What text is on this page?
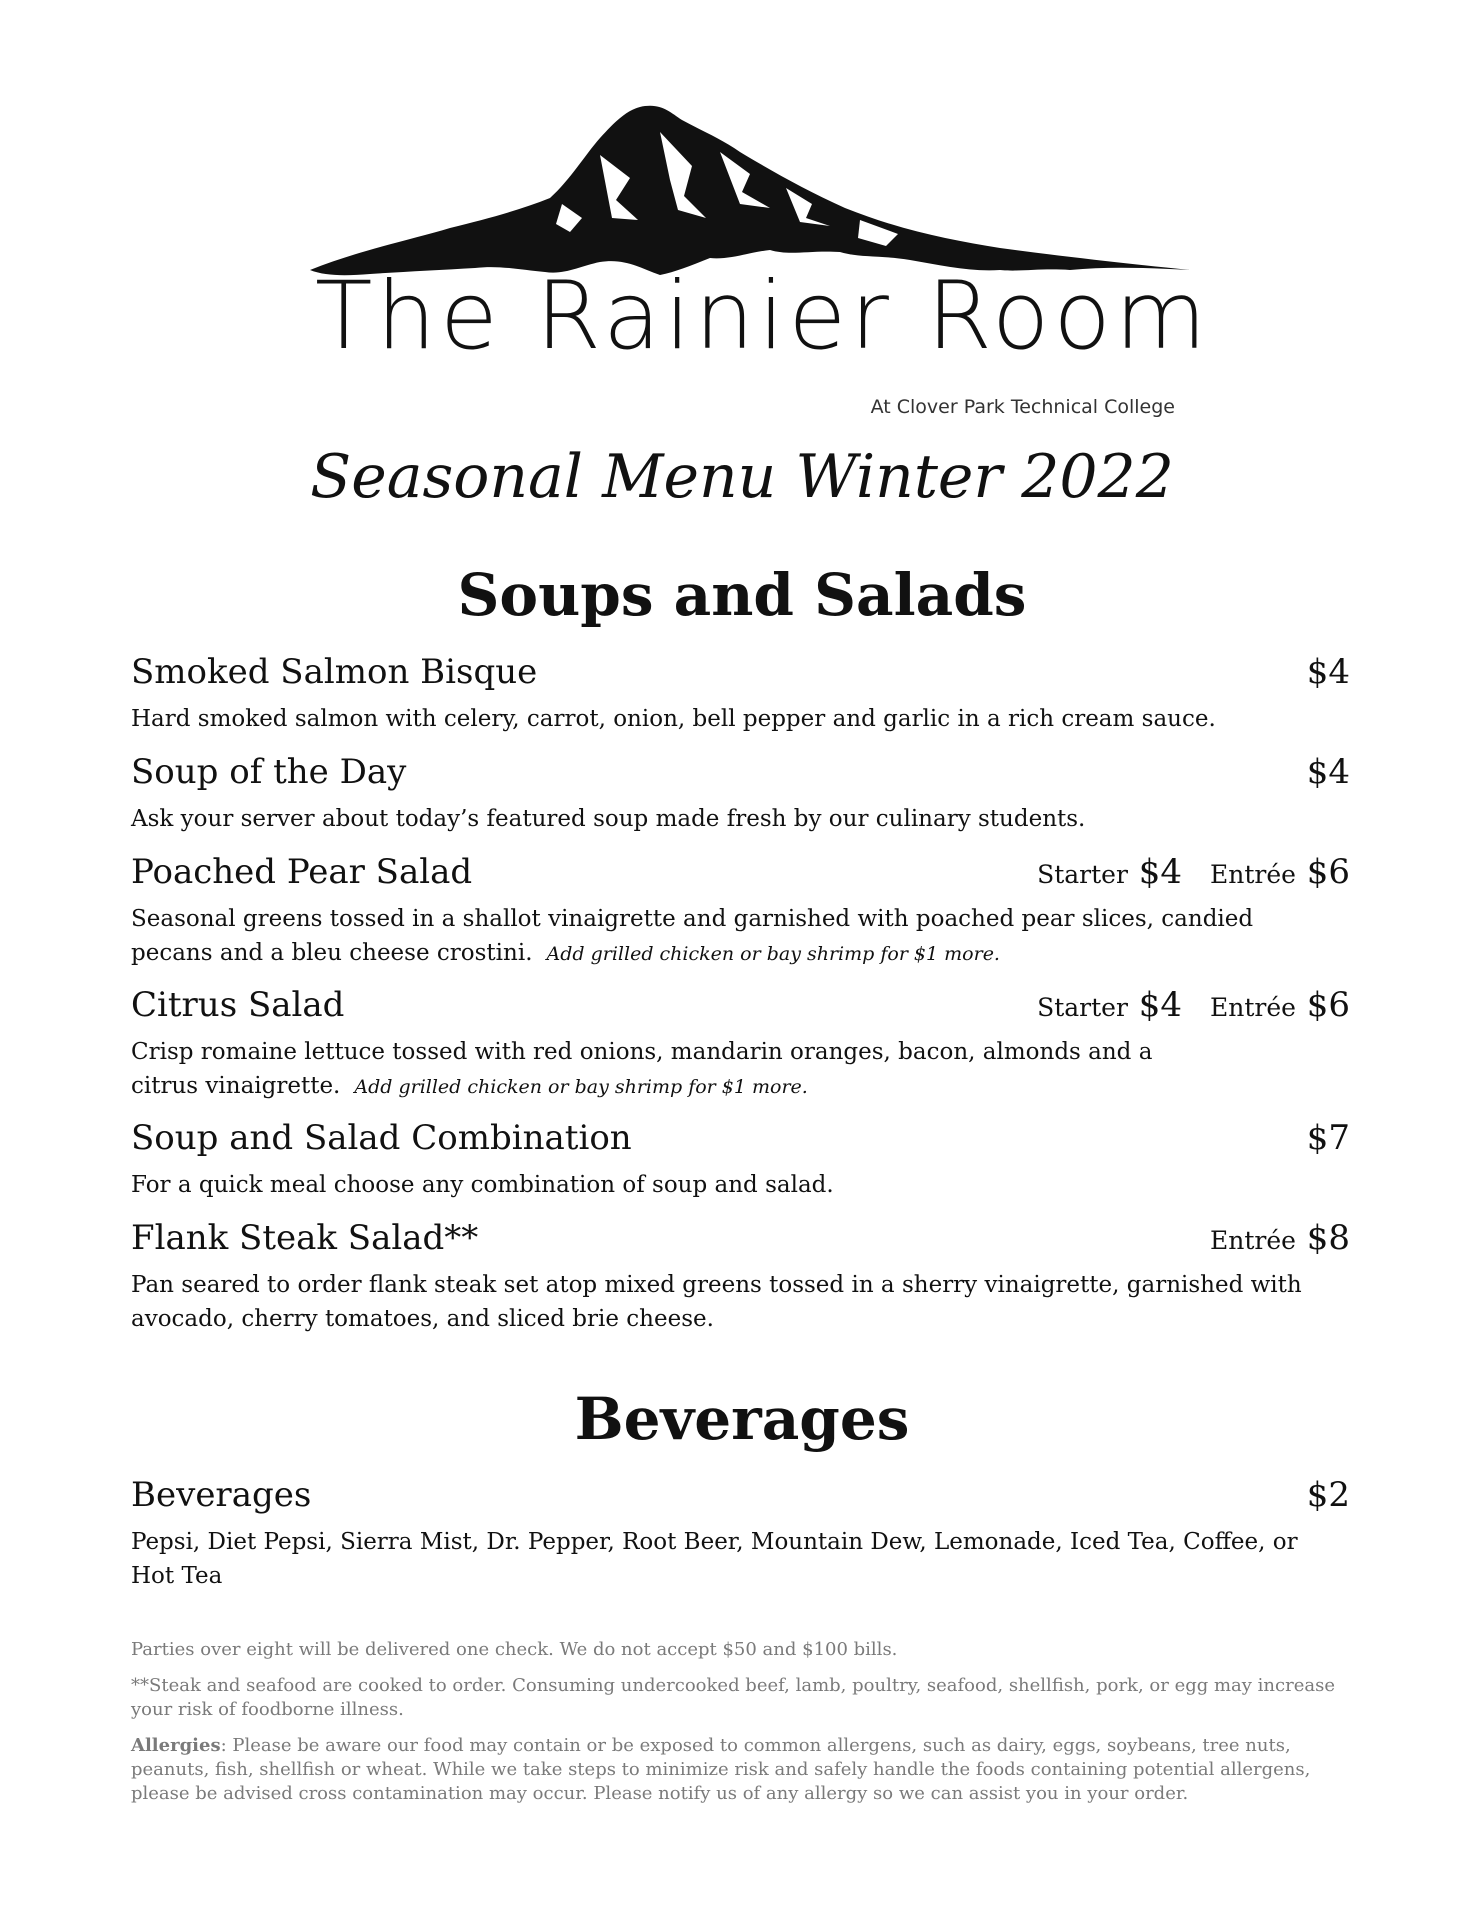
The Rainier Room
At Clover Park Technical College
Seasonal Menu Winter 2022
Soups and Salads
Smoked Salmon Bisque	$4
Hard smoked salmon with celery, carrot, onion, bell pepper and garlic in a rich cream sauce.
Soup of the Day	$4
Ask your server about today’s featured soup made fresh by our culinary students.
Poached Pear Salad	Starter $4 Entrée $6
Seasonal greens tossed in a shallot vinaigrette and garnished with poached pear slices, candied pecans and a bleu cheese crostini. Add grilled chicken or bay shrimp for $1 more.
Citrus Salad	Starter $4 Entrée $6
Crisp romaine lettuce tossed with red onions, mandarin oranges, bacon, almonds and a citrus vinaigrette. Add grilled chicken or bay shrimp for $1 more.
Soup and Salad Combination	$7
For a quick meal choose any combination of soup and salad.
Flank Steak Salad**	Entrée $8
Pan seared to order flank steak set atop mixed greens tossed in a sherry vinaigrette, garnished with avocado, cherry tomatoes, and sliced brie cheese.
Beverages
Beverages	$2
Pepsi, Diet Pepsi, Sierra Mist, Dr. Pepper, Root Beer, Mountain Dew, Lemonade, Iced Tea, Coffee, or Hot Tea

Parties over eight will be delivered one check. We do not accept $50 and $100 bills.

**Steak and seafood are cooked to order. Consuming undercooked beef, lamb, poultry, seafood, shellfish, pork, or egg may increase your risk of foodborne illness.

Allergies: Please be aware our food may contain or be exposed to common allergens, such as dairy, eggs, soybeans, tree nuts, peanuts, fish, shellfish or wheat. While we take steps to minimize risk and safely handle the foods containing potential allergens, please be advised cross contamination may occur. Please notify us of any allergy so we can assist you in your order.
